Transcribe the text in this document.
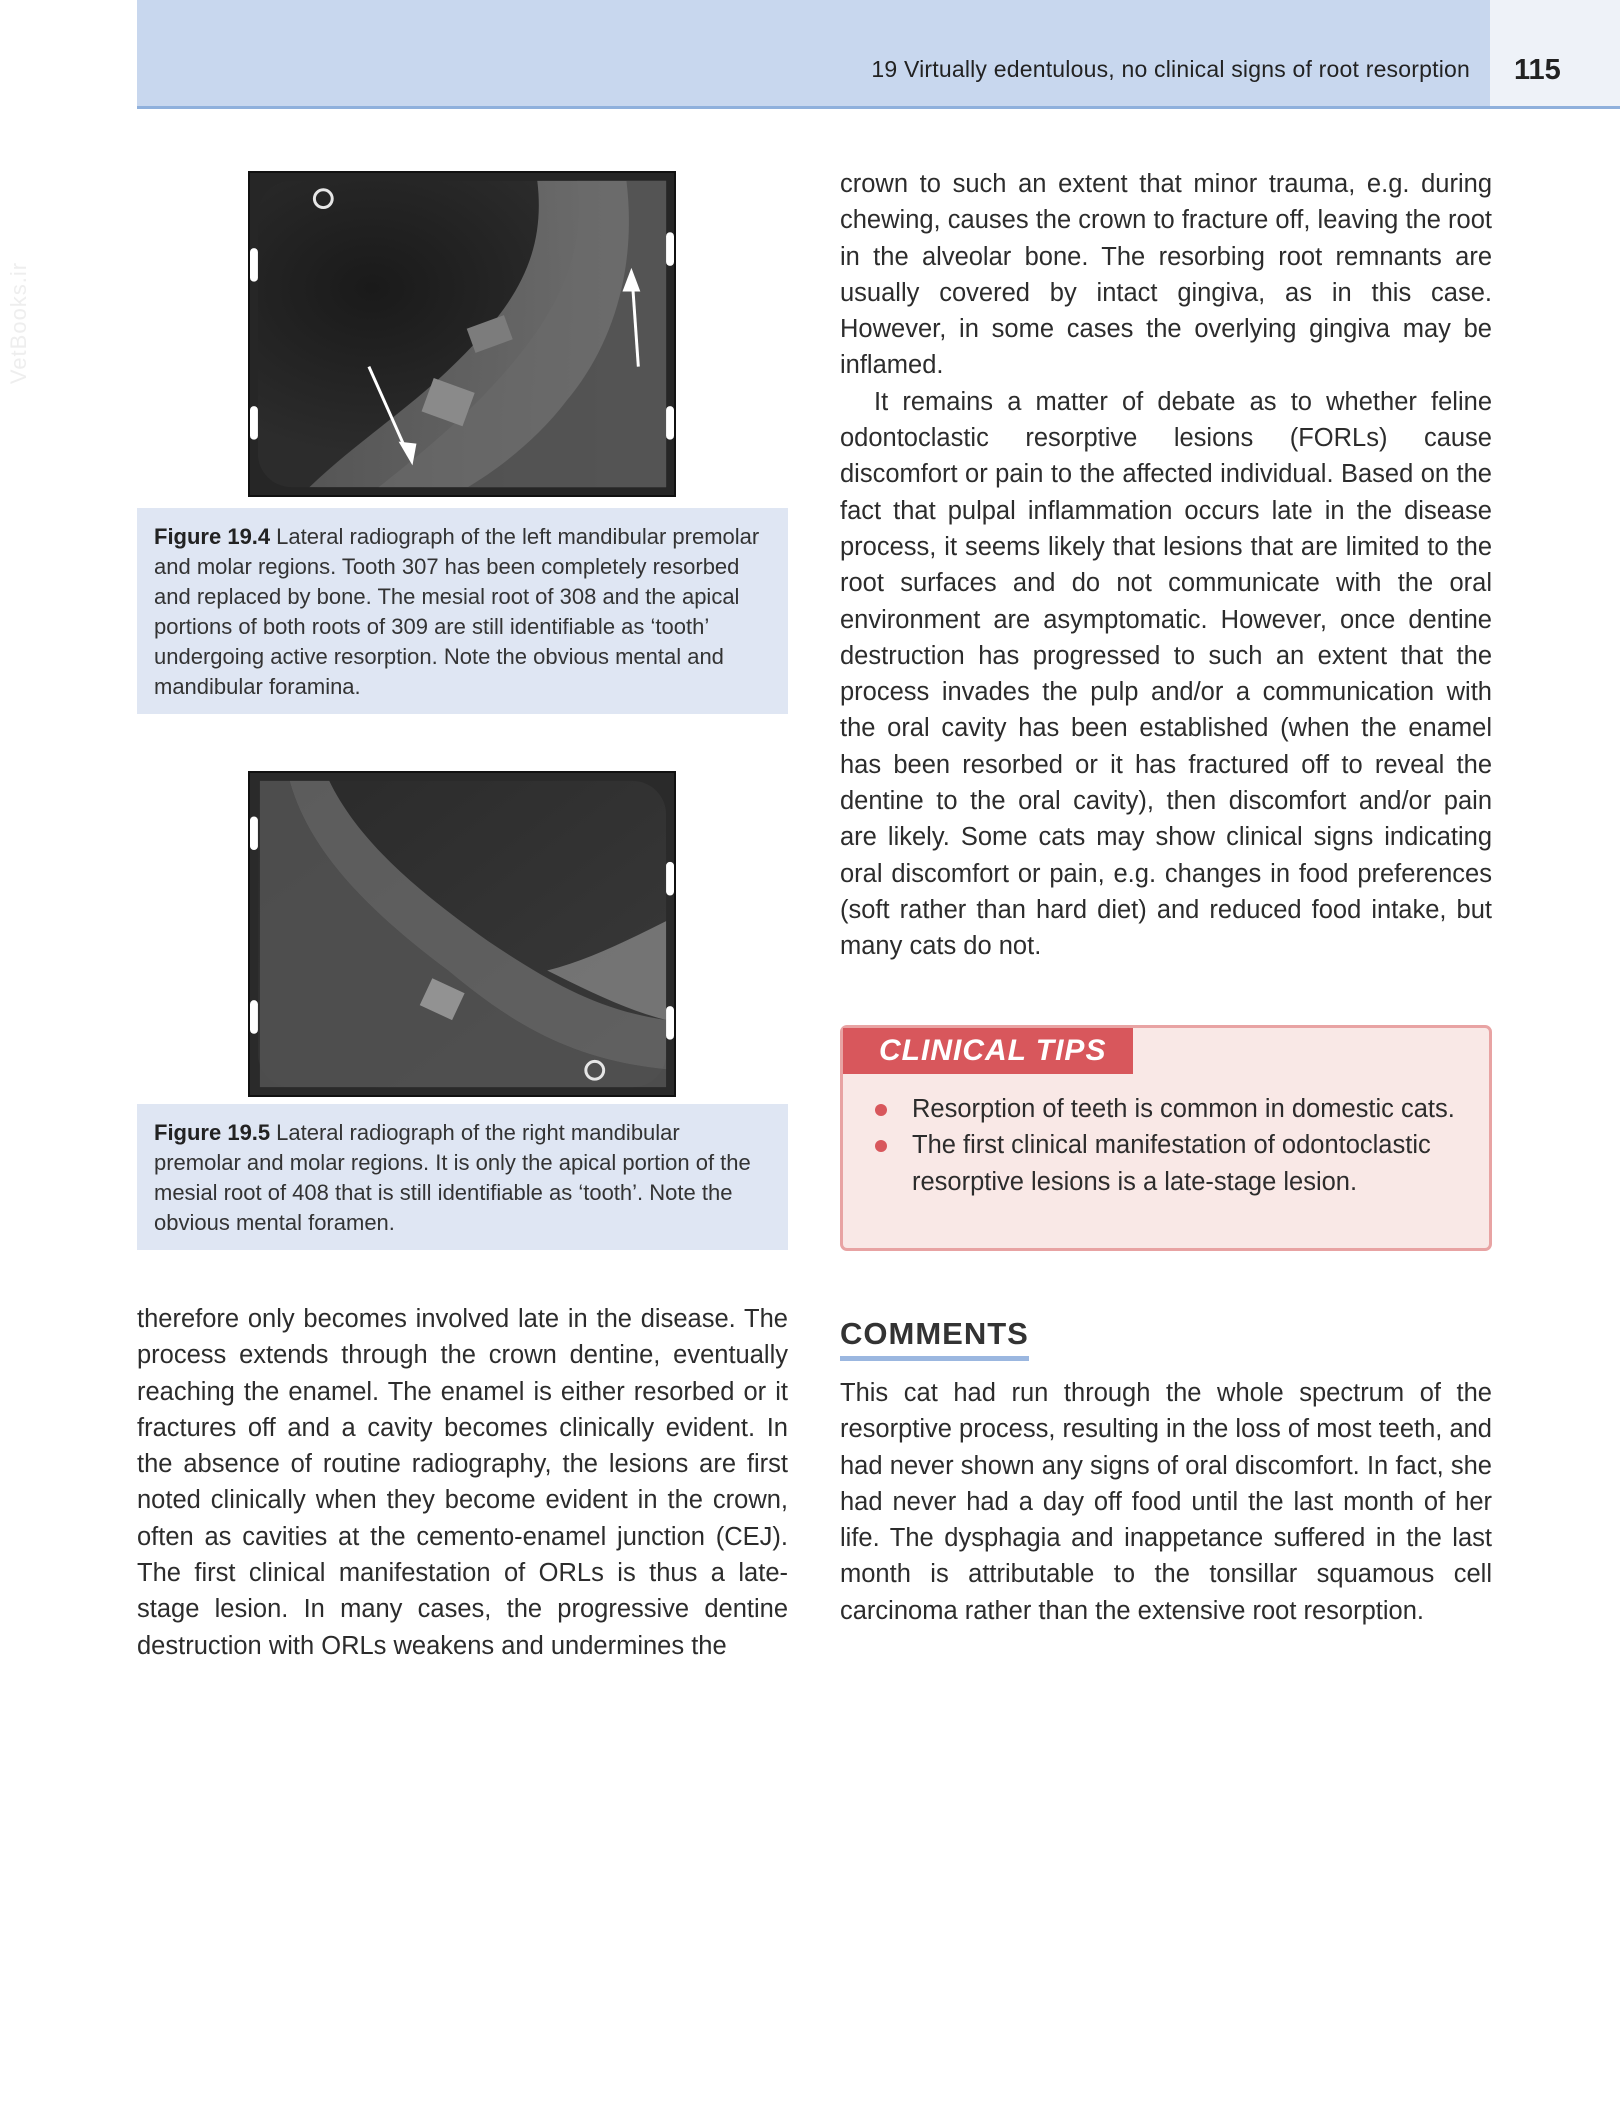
19 Virtually edentulous, no clinical signs of root resorption 115
VetBooks.ir
Figure 19.4 Lateral radiograph of the left mandibular premolar and molar regions. Tooth 307 has been completely resorbed and replaced by bone. The mesial root of 308 and the apical portions of both roots of 309 are still identifiable as ‘tooth’ undergoing active resorption. Note the obvious mental and mandibular foramina.
Figure 19.5 Lateral radiograph of the right mandibular premolar and molar regions. It is only the apical portion of the mesial root of 408 that is still identifiable as ‘tooth’. Note the obvious mental foramen.

therefore only becomes involved late in the disease. The process extends through the crown dentine, eventually reaching the enamel. The enamel is either resorbed or it fractures off and a cavity becomes clinically evident. In the absence of routine radiography, the lesions are first noted clinically when they become evident in the crown, often as cavities at the cemento-enamel junction (CEJ). The first clinical manifestation of ORLs is thus a late-stage lesion. In many cases, the progressive dentine destruction with ORLs weakens and undermines the

crown to such an extent that minor trauma, e.g. during chewing, causes the crown to fracture off, leaving the root in the alveolar bone. The resorbing root remnants are usually covered by intact gingiva, as in this case. However, in some cases the overlying gingiva may be inflamed.

It remains a matter of debate as to whether feline odontoclastic resorptive lesions (FORLs) cause discomfort or pain to the affected individual. Based on the fact that pulpal inflammation occurs late in the disease process, it seems likely that lesions that are limited to the root surfaces and do not communicate with the oral environment are asymptomatic. However, once dentine destruction has progressed to such an extent that the process invades the pulp and/or a communication with the oral cavity has been established (when the enamel has been resorbed or it has fractured off to reveal the dentine to the oral cavity), then discomfort and/or pain are likely. Some cats may show clinical signs indicating oral discomfort or pain, e.g. changes in food preferences (soft rather than hard diet) and reduced food intake, but many cats do not.

CLINICAL TIPS
Resorption of teeth is common in domestic cats.
The first clinical manifestation of odontoclastic resorptive lesions is a late-stage lesion.
COMMENTS

This cat had run through the whole spectrum of the resorptive process, resulting in the loss of most teeth, and had never shown any signs of oral discomfort. In fact, she had never had a day off food until the last month of her life. The dysphagia and inappetance suffered in the last month is attributable to the tonsillar squamous cell carcinoma rather than the extensive root resorption.
